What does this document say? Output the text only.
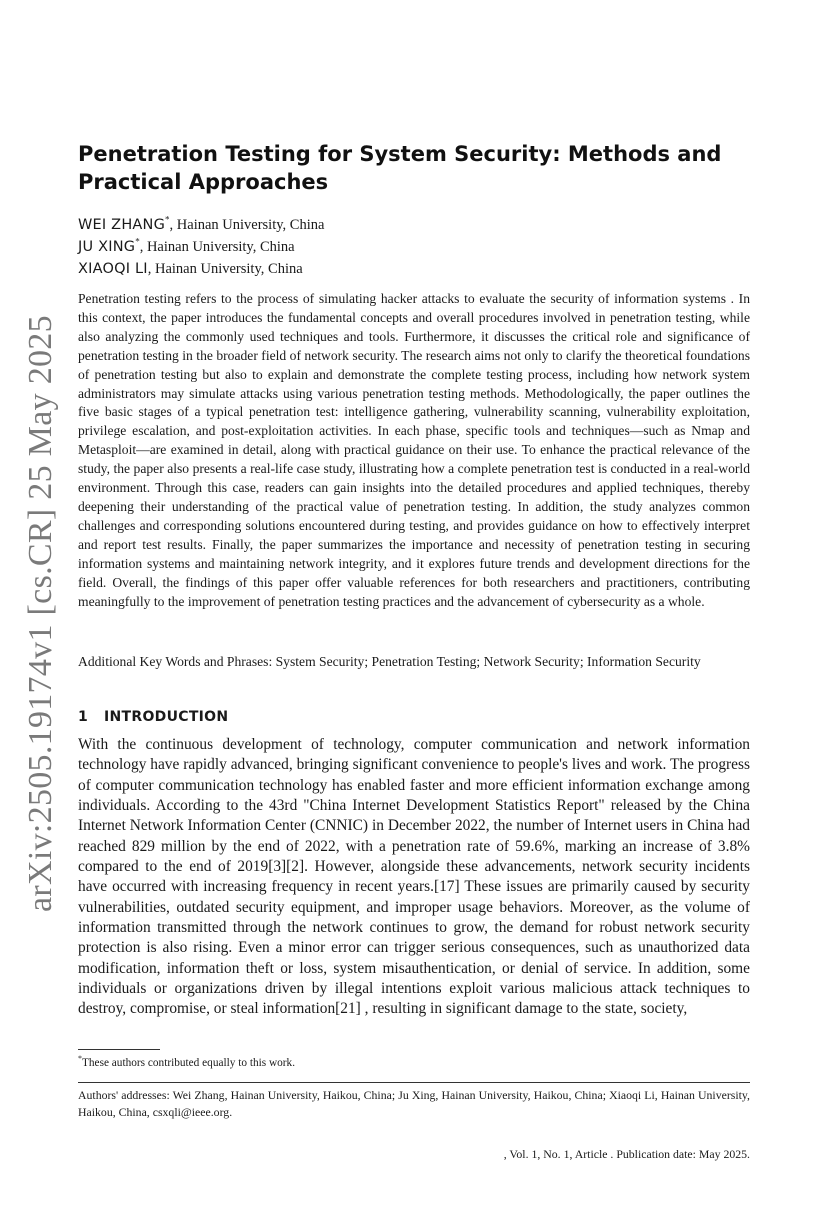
arXiv:2505.19174v1 [cs.CR] 25 May 2025
Penetration Testing for System Security: Methods and Practical Approaches
WEI ZHANG*, Hainan University, China
JU XING*, Hainan University, China
XIAOQI LI, Hainan University, China

Penetration testing refers to the process of simulating hacker attacks to evaluate the security of information systems . In this context, the paper introduces the fundamental concepts and overall procedures involved in penetration testing, while also analyzing the commonly used techniques and tools. Furthermore, it discusses the critical role and significance of penetration testing in the broader field of network security. The research aims not only to clarify the theoretical foundations of penetration testing but also to explain and demonstrate the complete testing process, including how network system administrators may simulate attacks using various penetration testing methods. Methodologically, the paper outlines the five basic stages of a typical penetration test: intelligence gathering, vulnerability scanning, vulnerability exploitation, privilege escalation, and post-exploitation activities. In each phase, specific tools and techniques—such as Nmap and Metasploit—are examined in detail, along with practical guidance on their use. To enhance the practical relevance of the study, the paper also presents a real-life case study, illustrating how a complete penetration test is conducted in a real-world environment. Through this case, readers can gain insights into the detailed procedures and applied techniques, thereby deepening their understanding of the practical value of penetration testing. In addition, the study analyzes common challenges and corresponding solutions encountered during testing, and provides guidance on how to effectively interpret and report test results. Finally, the paper summarizes the importance and necessity of penetration testing in securing information systems and maintaining network integrity, and it explores future trends and development directions for the field. Overall, the findings of this paper offer valuable references for both researchers and practitioners, contributing meaningfully to the improvement of penetration testing practices and the advancement of cybersecurity as a whole.

Additional Key Words and Phrases: System Security; Penetration Testing; Network Security; Information Security

1 INTRODUCTION

With the continuous development of technology, computer communication and network information technology have rapidly advanced, bringing significant convenience to people's lives and work. The progress of computer communication technology has enabled faster and more efficient information exchange among individuals. According to the 43rd "China Internet Development Statistics Report" released by the China Internet Network Information Center (CNNIC) in December 2022, the number of Internet users in China had reached 829 million by the end of 2022, with a penetration rate of 59.6%, marking an increase of 3.8% compared to the end of 2019[3][2]. However, alongside these advancements, network security incidents have occurred with increasing frequency in recent years.[17] These issues are primarily caused by security vulnerabilities, outdated security equipment, and improper usage behaviors. Moreover, as the volume of information transmitted through the network continues to grow, the demand for robust network security protection is also rising. Even a minor error can trigger serious consequences, such as unauthorized data modification, information theft or loss, system misauthentication, or denial of service. In addition, some individuals or organizations driven by illegal intentions exploit various malicious attack techniques to destroy, compromise, or steal information[21] , resulting in significant damage to the state, society,

*These authors contributed equally to this work.

Authors' addresses: Wei Zhang, Hainan University, Haikou, China; Ju Xing, Hainan University, Haikou, China; Xiaoqi Li, Hainan University, Haikou, China, csxqli@ieee.org.

, Vol. 1, No. 1, Article . Publication date: May 2025.
